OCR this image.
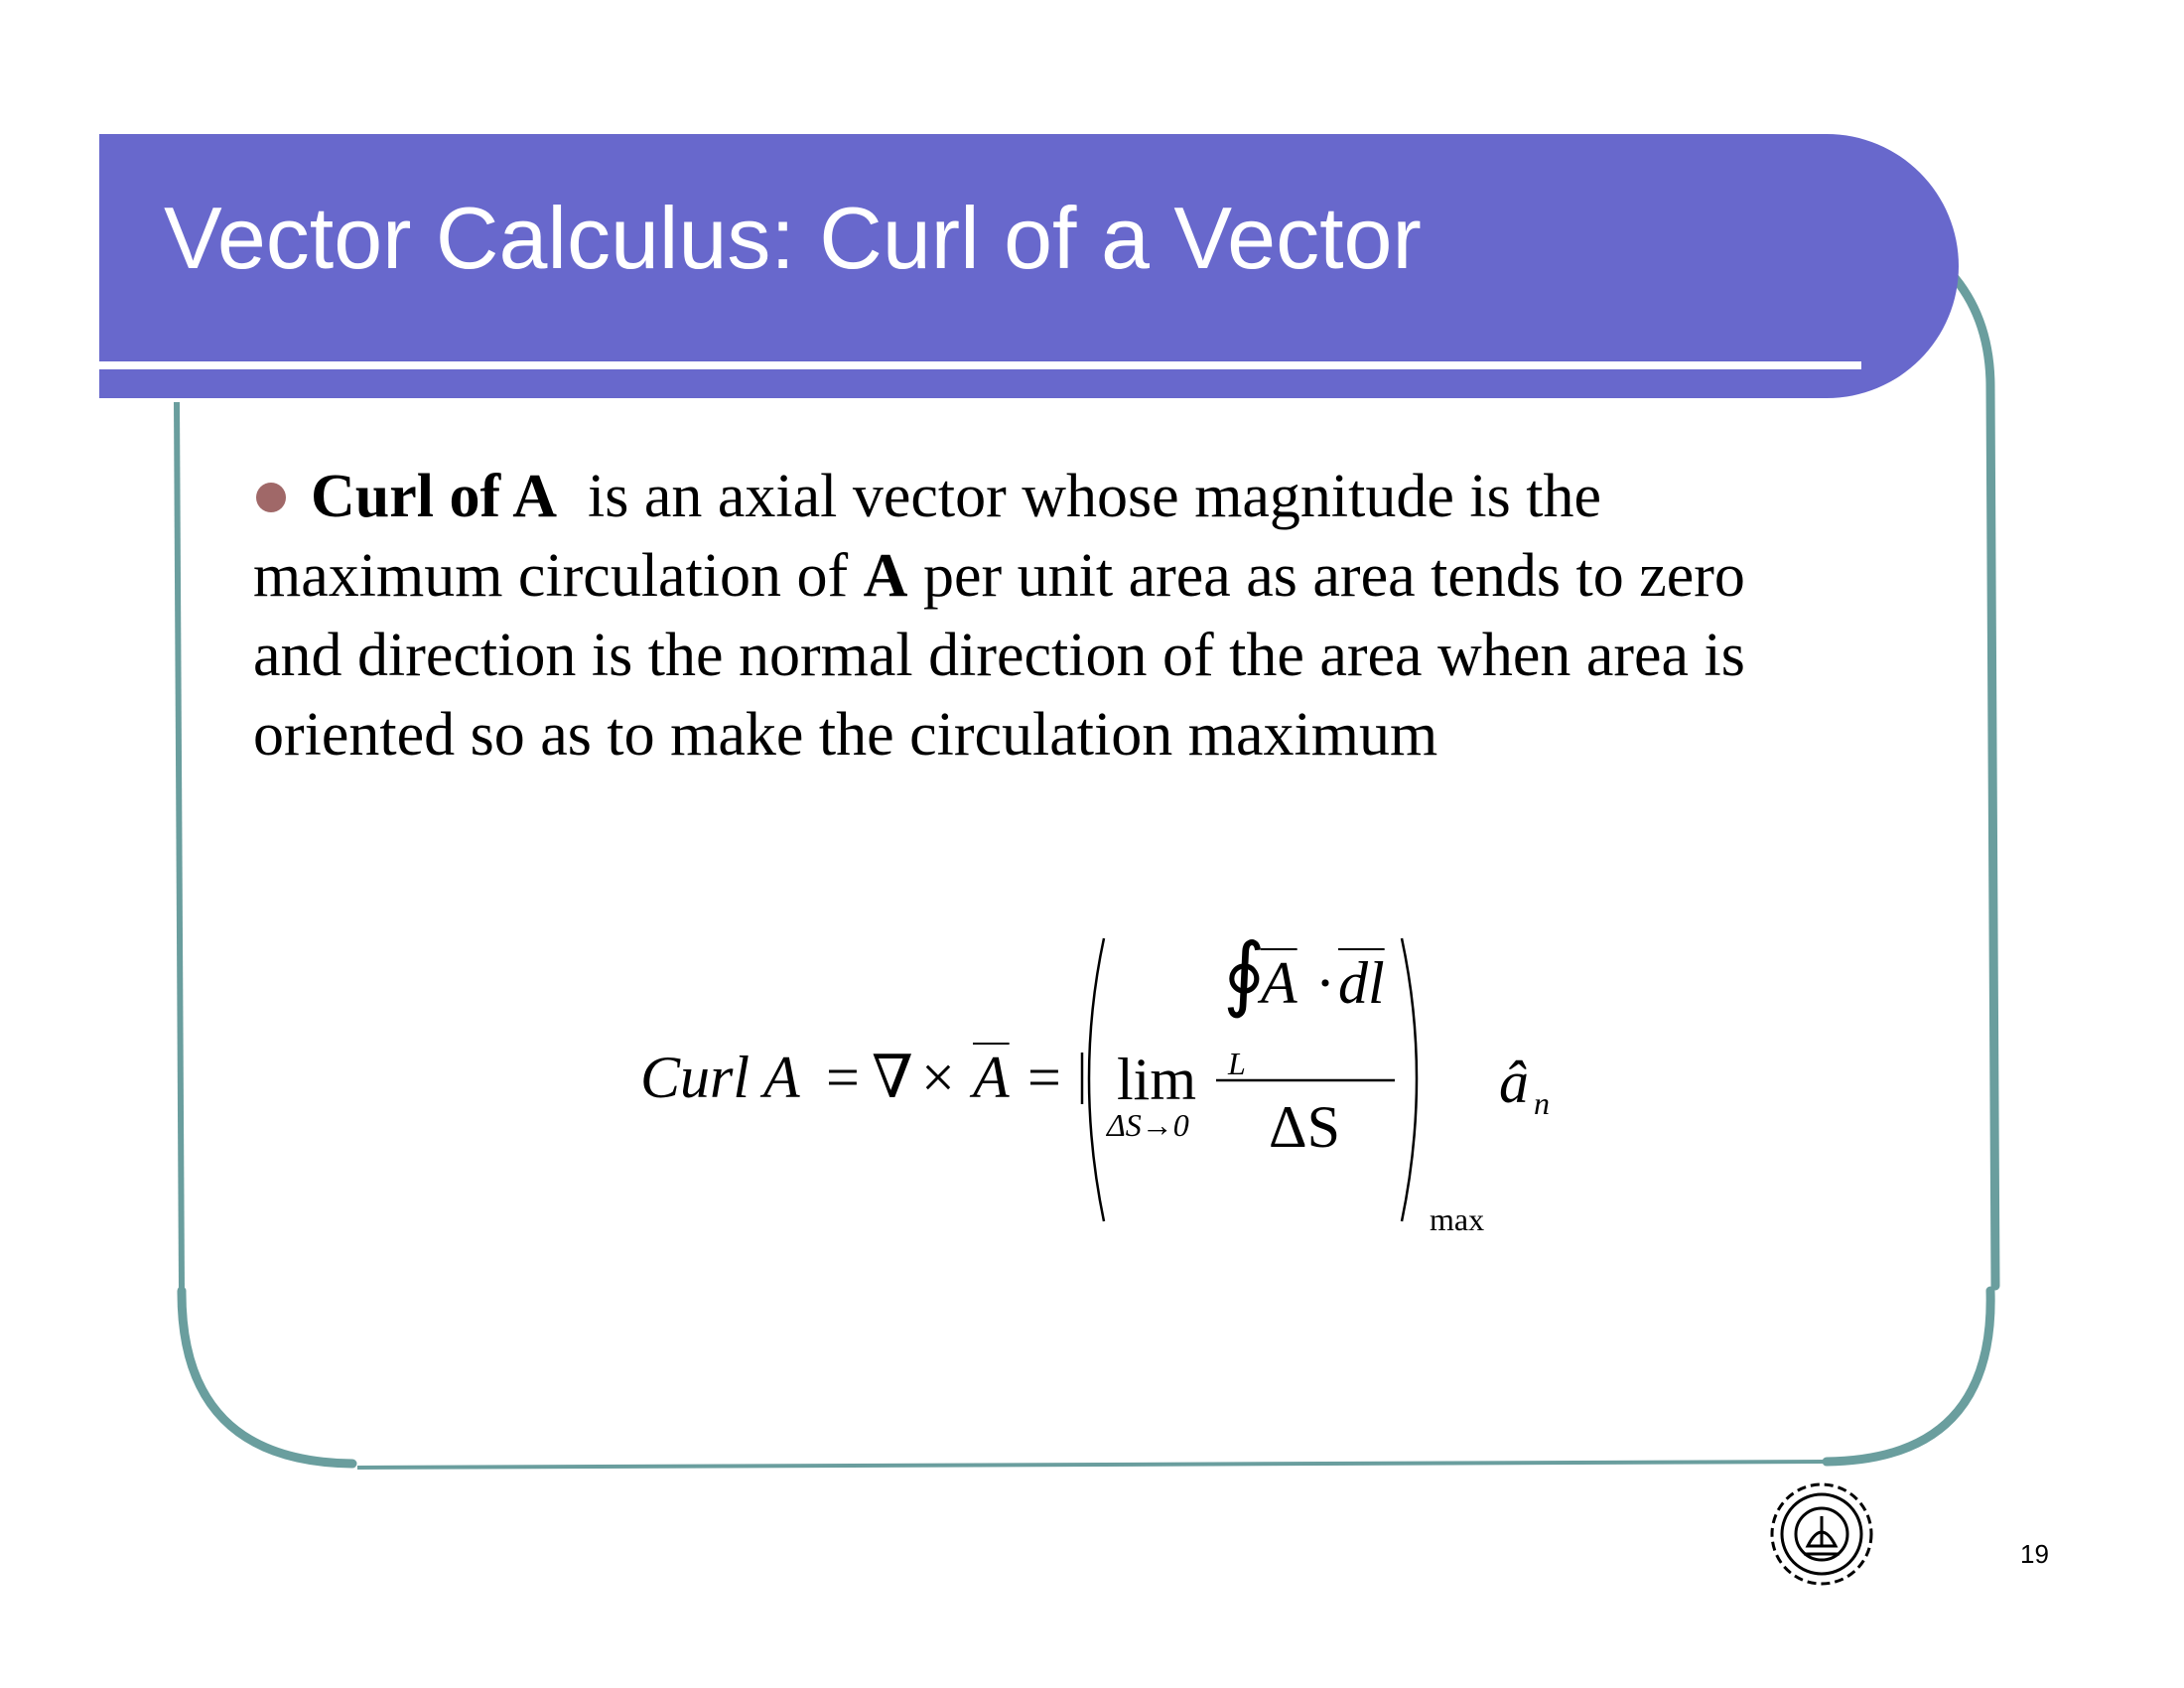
Vector Calculus: Curl of a Vector

Curl of A is an axial vector whose magnitude is the
maximum circulation of A per unit area as area tends to zero
and direction is the normal direction of the area when area is
oriented so as to make the circulation maximum

Curl A = ∇ × $\overline{A} = \lim$
ΔS→0
∮
L
$\overline{A} \cdot \overline{dl}$
ΔS
max
â n
19
